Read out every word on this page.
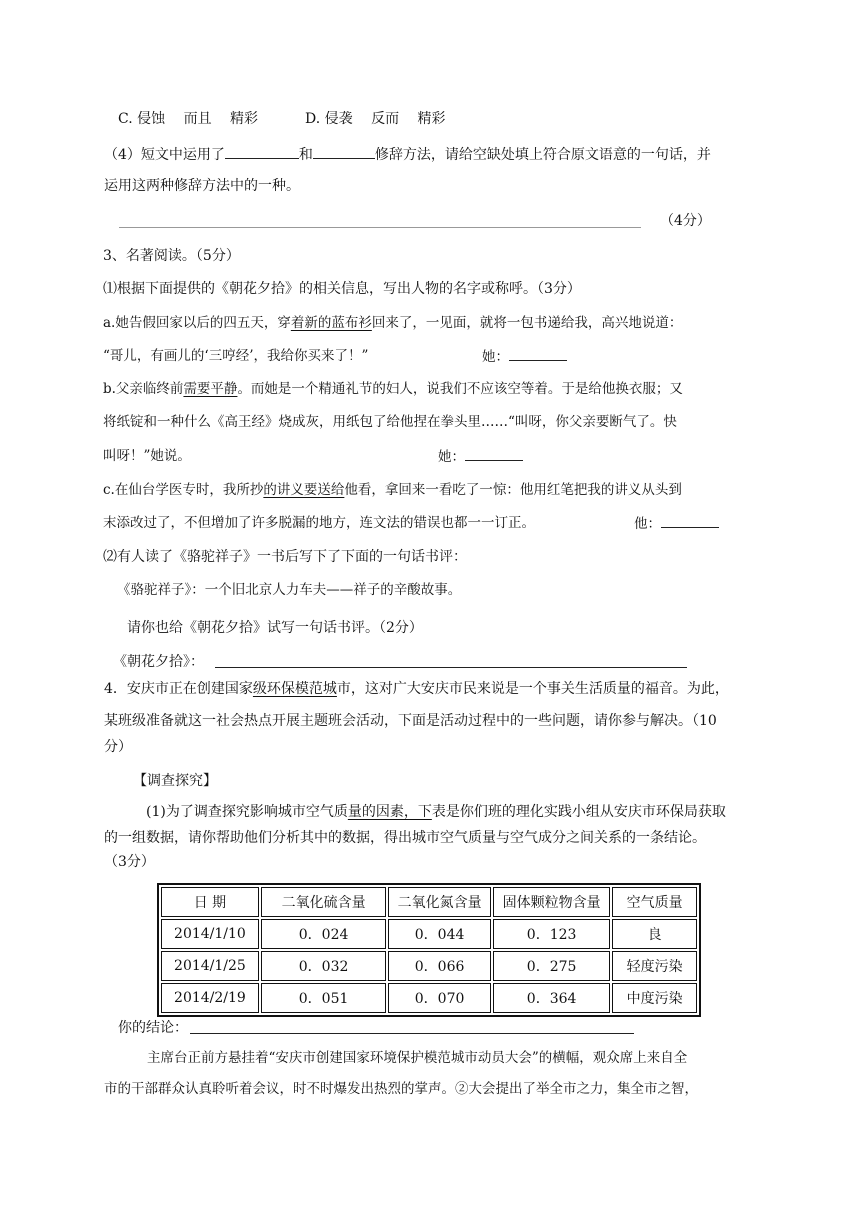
C. 侵蚀　 而且　 精彩	D. 侵袭　 反而　 精彩
（4）短文中运用了	和	修辞方法，请给空缺处填上符合原文语意的一句话，并
运用这两种修辞方法中的一种。
（4分）
3、名著阅读。（5分）
⑴根据下面提供的《朝花夕拾》的相关信息，写出人物的名字或称呼。（3分）
a.她告假回家以后的四五天，穿着新的蓝布衫回来了，一见面，就将一包书递给我，高兴地说道：
“哥儿，有画儿的‘三哼经’，我给你买来了！”	她：
b.父亲临终前需要平静。而她是一个精通礼节的妇人，说我们不应该空等着。于是给他换衣服；又
将纸锭和一种什么《高王经》烧成灰，用纸包了给他捏在拳头里……“叫呀，你父亲要断气了。快
叫呀！”她说。	她：
c.在仙台学医专时，我所抄的讲义要送给他看，拿回来一看吃了一惊：他用红笔把我的讲义从头到
末添改过了，不但增加了许多脱漏的地方，连文法的错误也都一一订正。	他：
⑵有人读了《骆驼祥子》一书后写下了下面的一句话书评：
《骆驼祥子》：一个旧北京人力车夫——祥子的辛酸故事。
请你也给《朝花夕拾》试写一句话书评。（2分）
《朝花夕拾》：
4．安庆市正在创建国家级环保模范城市，这对广大安庆市民来说是一个事关生活质量的福音。为此，
某班级准备就这一社会热点开展主题班会活动，下面是活动过程中的一些问题，请你参与解决。（10
分）
【调查探究】
(1)为了调查探究影响城市空气质量的因素，下表是你们班的理化实践小组从安庆市环保局获取
的一组数据，请你帮助他们分析其中的数据，得出城市空气质量与空气成分之间关系的一条结论。
（3分）
日 期	二氧化硫含量	二氧化氮含量	固体颗粒物含量	空气质量
2014/1/10	0．024	0．044	0．123	良
2014/1/25	0．032	0．066	0．275	轻度污染
2014/2/19	0．051	0．070	0．364	中度污染
你的结论：
主席台正前方悬挂着“安庆市创建国家环境保护模范城市动员大会”的横幅，观众席上来自全
市的干部群众认真聆听着会议，时不时爆发出热烈的掌声。②大会提出了举全市之力，集全市之智，
